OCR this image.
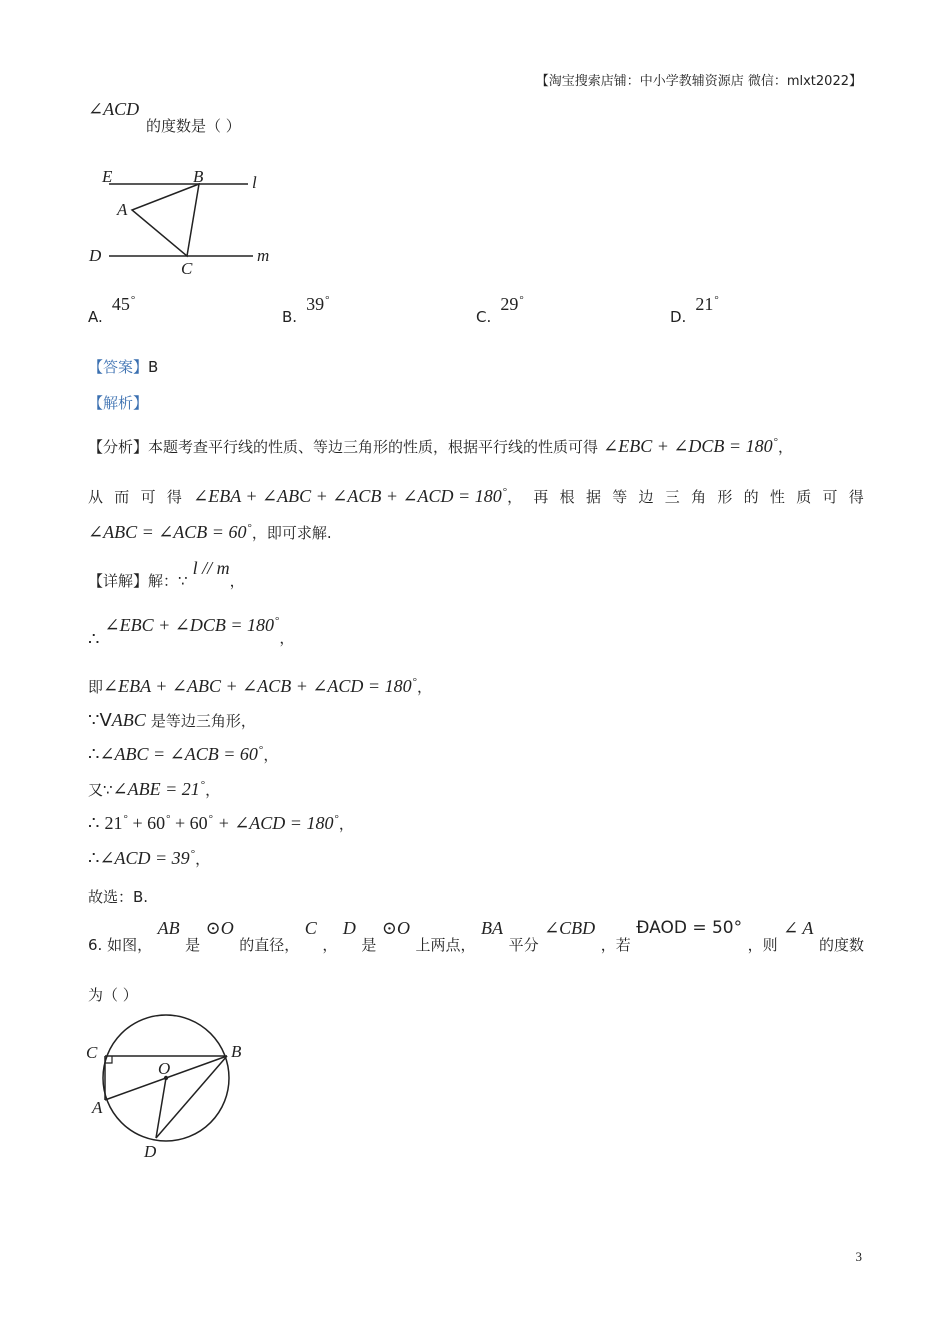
【淘宝搜索店铺：中小学教辅资源店 微信：mlxt2022】
∠ACD
的度数是（ ）
E	B	l
A
D
C
m
A. 45°
B. 39°
C. 29°
D. 21°
【答案】B
【解析】
【分析】本题考查平行线的性质、等边三角形的性质，根据平行线的性质可得 ∠EBC + ∠DCB = 180°，
从 而 可 得 ∠EBA + ∠ABC + ∠ACB + ∠ACD = 180°， 再 根 据 等 边 三 角 形 的 性 质 可 得
∠ABC = ∠ACB = 60°，即可求解.
【详解】解：∵ l // m，
∴ ∠EBC + ∠DCB = 180°，
即∠EBA + ∠ABC + ∠ACB + ∠ACD = 180°，
∵VABC 是等边三角形，
∴∠ABC = ∠ACB = 60°，
又∵∠ABE = 21°，
∴ 21° + 60° + 60° + ∠ACD = 180°，
∴∠ACD = 39°，
故选：B.
6. 如图，
AB
是
⊙O
的直径，
C
，
D
是
⊙O
上两点，
BA
平分
∠CBD
，若
ÐAOD = 50°
，则
∠ A
的度数
为（ ）
C	B
O
A
D
3
